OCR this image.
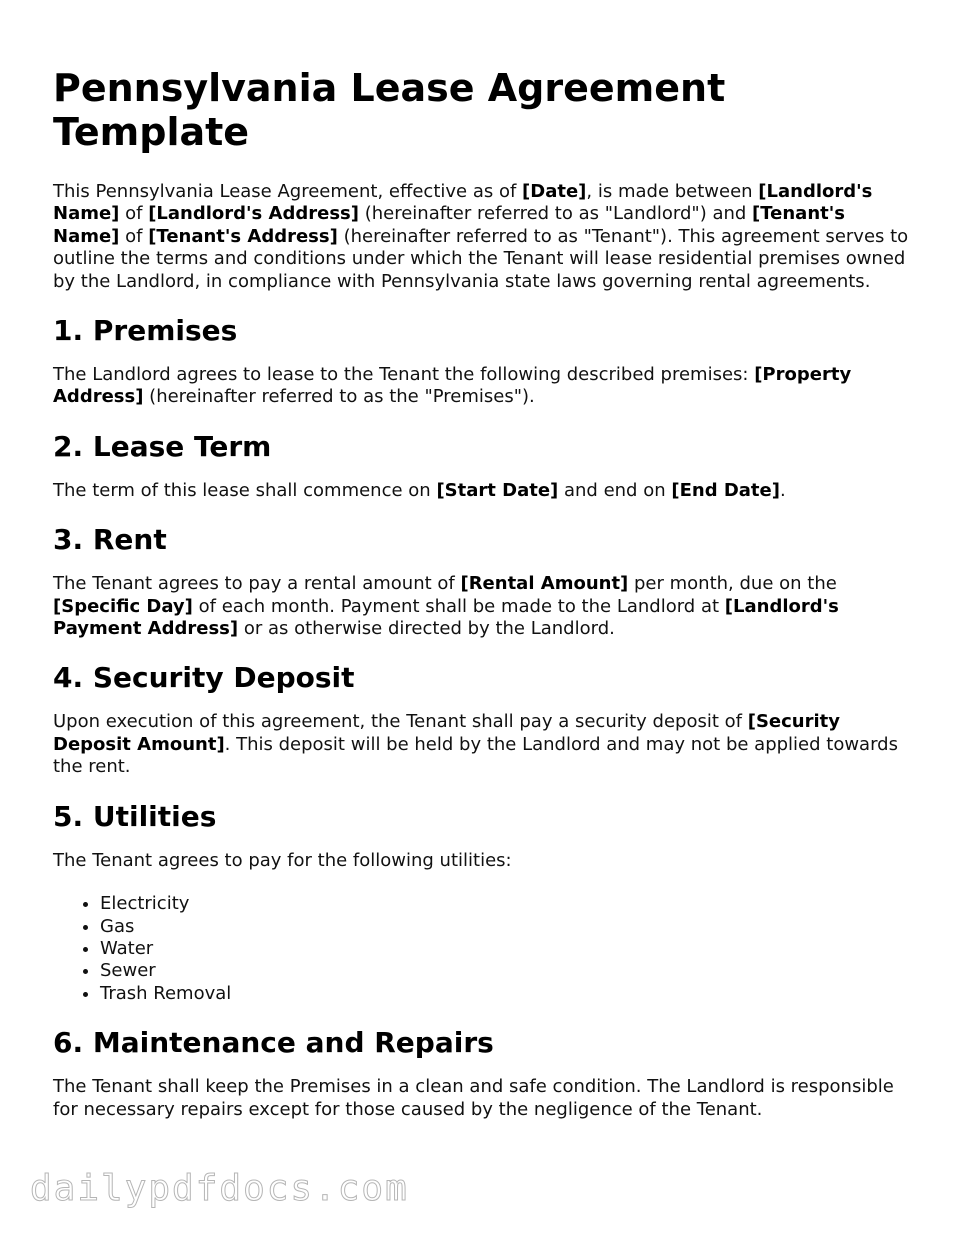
Pennsylvania Lease Agreement Template

This Pennsylvania Lease Agreement, effective as of [Date], is made between [Landlord's Name] of [Landlord's Address] (hereinafter referred to as "Landlord") and [Tenant's Name] of [Tenant's Address] (hereinafter referred to as "Tenant"). This agreement serves to outline the terms and conditions under which the Tenant will lease residential premises owned by the Landlord, in compliance with Pennsylvania state laws governing rental agreements.

1. Premises

The Landlord agrees to lease to the Tenant the following described premises: [Property Address] (hereinafter referred to as the "Premises").

2. Lease Term

The term of this lease shall commence on [Start Date] and end on [End Date].

3. Rent

The Tenant agrees to pay a rental amount of [Rental Amount] per month, due on the [Specific Day] of each month. Payment shall be made to the Landlord at [Landlord's Payment Address] or as otherwise directed by the Landlord.

4. Security Deposit

Upon execution of this agreement, the Tenant shall pay a security deposit of [Security Deposit Amount]. This deposit will be held by the Landlord and may not be applied towards the rent.

5. Utilities

The Tenant agrees to pay for the following utilities:

• Electricity
• Gas
• Water
• Sewer
• Trash Removal
6. Maintenance and Repairs

The Tenant shall keep the Premises in a clean and safe condition. The Landlord is responsible for necessary repairs except for those caused by the negligence of the Tenant.

dailypdfdocs.com
